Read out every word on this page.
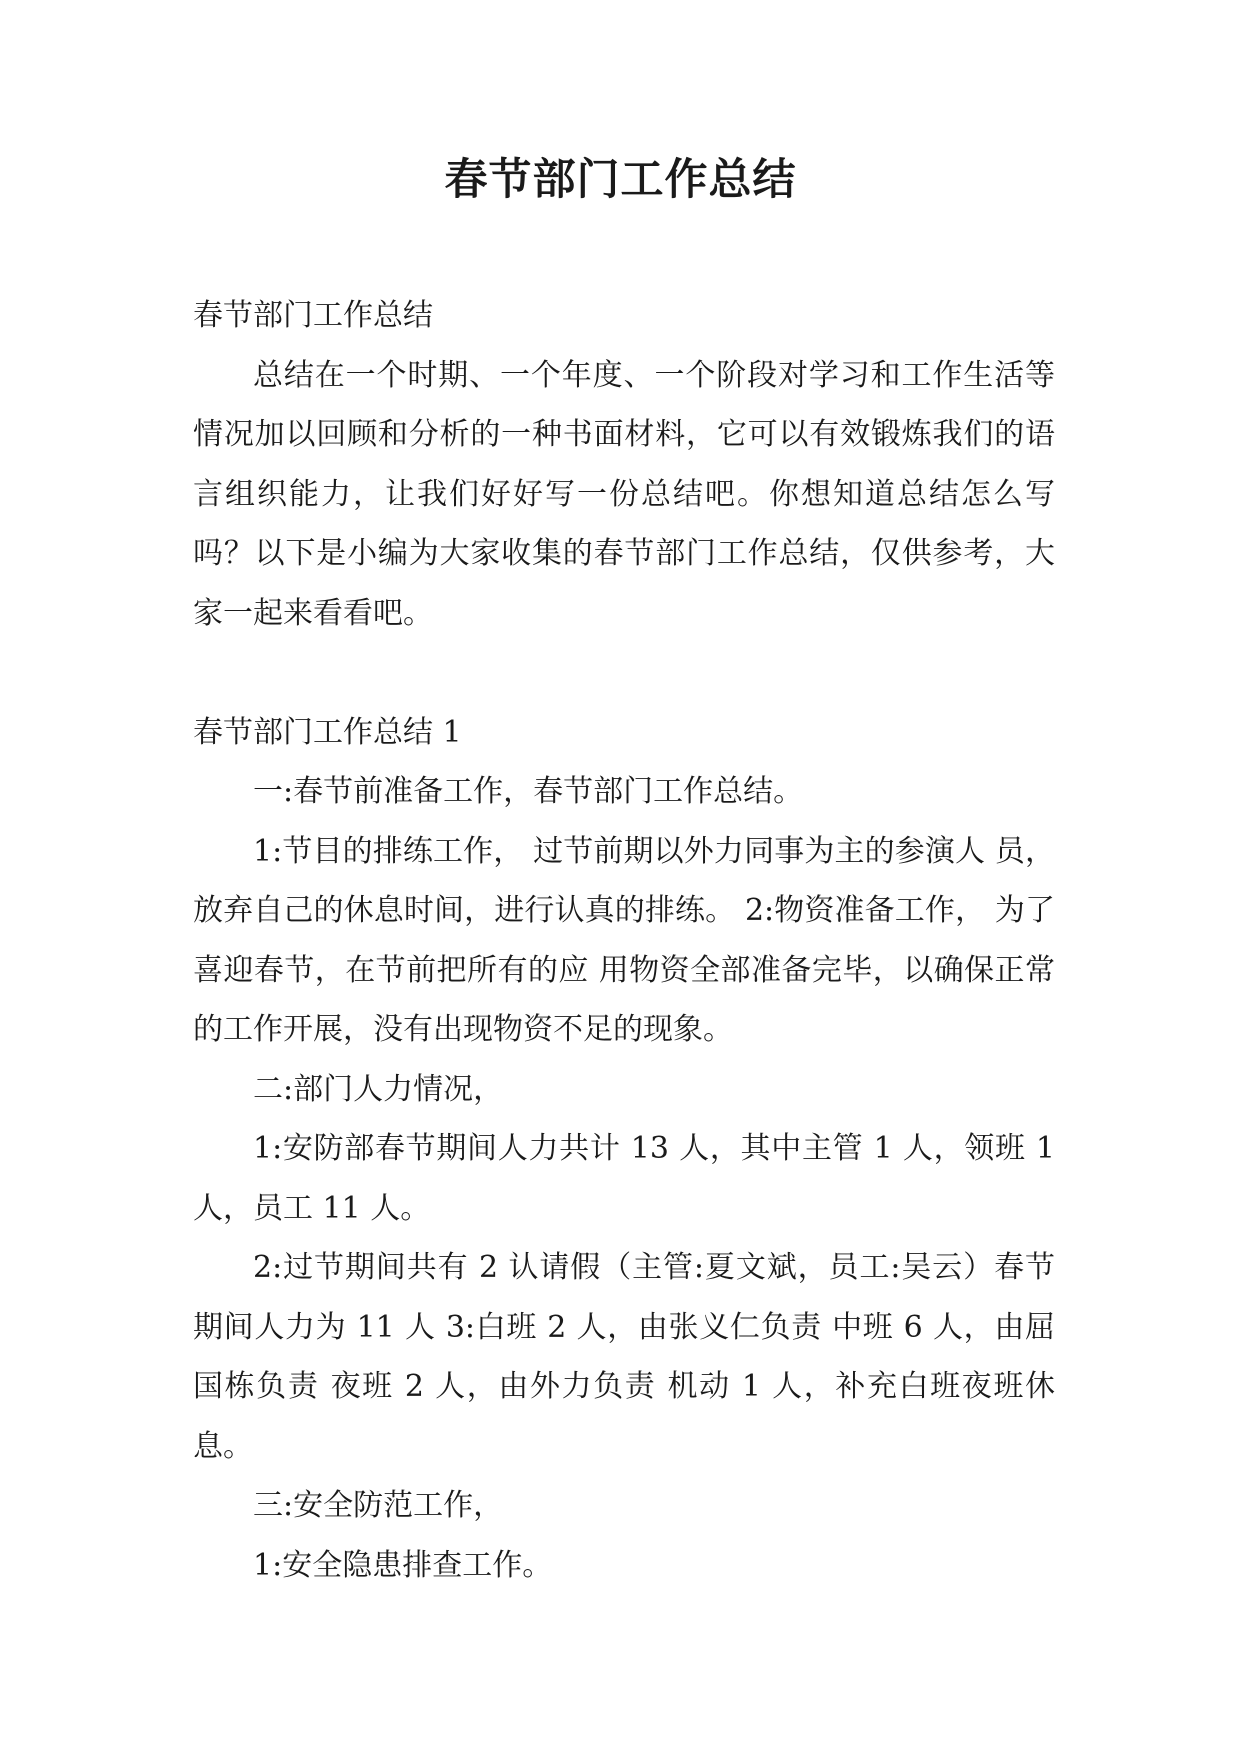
春节部门工作总结

春节部门工作总结

总结在一个时期、一个年度、一个阶段对学习和工作生活等情况加以回顾和分析的一种书面材料，它可以有效锻炼我们的语言组织能力，让我们好好写一份总结吧。你想知道总结怎么写吗？以下是小编为大家收集的春节部门工作总结，仅供参考，大家一起来看看吧。

春节部门工作总结 1

一:春节前准备工作，春节部门工作总结。

1:节目的排练工作， 过节前期以外力同事为主的参演人 员，放弃自己的休息时间，进行认真的排练。 2:物资准备工作， 为了喜迎春节，在节前把所有的应 用物资全部准备完毕，以确保正常的工作开展，没有出现物资不足的现象。

二:部门人力情况，

1:安防部春节期间人力共计 13 人，其中主管 1 人，领班 1 人，员工 11 人。

2:过节期间共有 2 认请假（主管:夏文斌，员工:吴云）春节期间人力为 11 人 3:白班 2 人，由张义仁负责 中班 6 人，由屈国栋负责 夜班 2 人，由外力负责 机动 1 人，补充白班夜班休息。

三:安全防范工作，

1:安全隐患排查工作。
